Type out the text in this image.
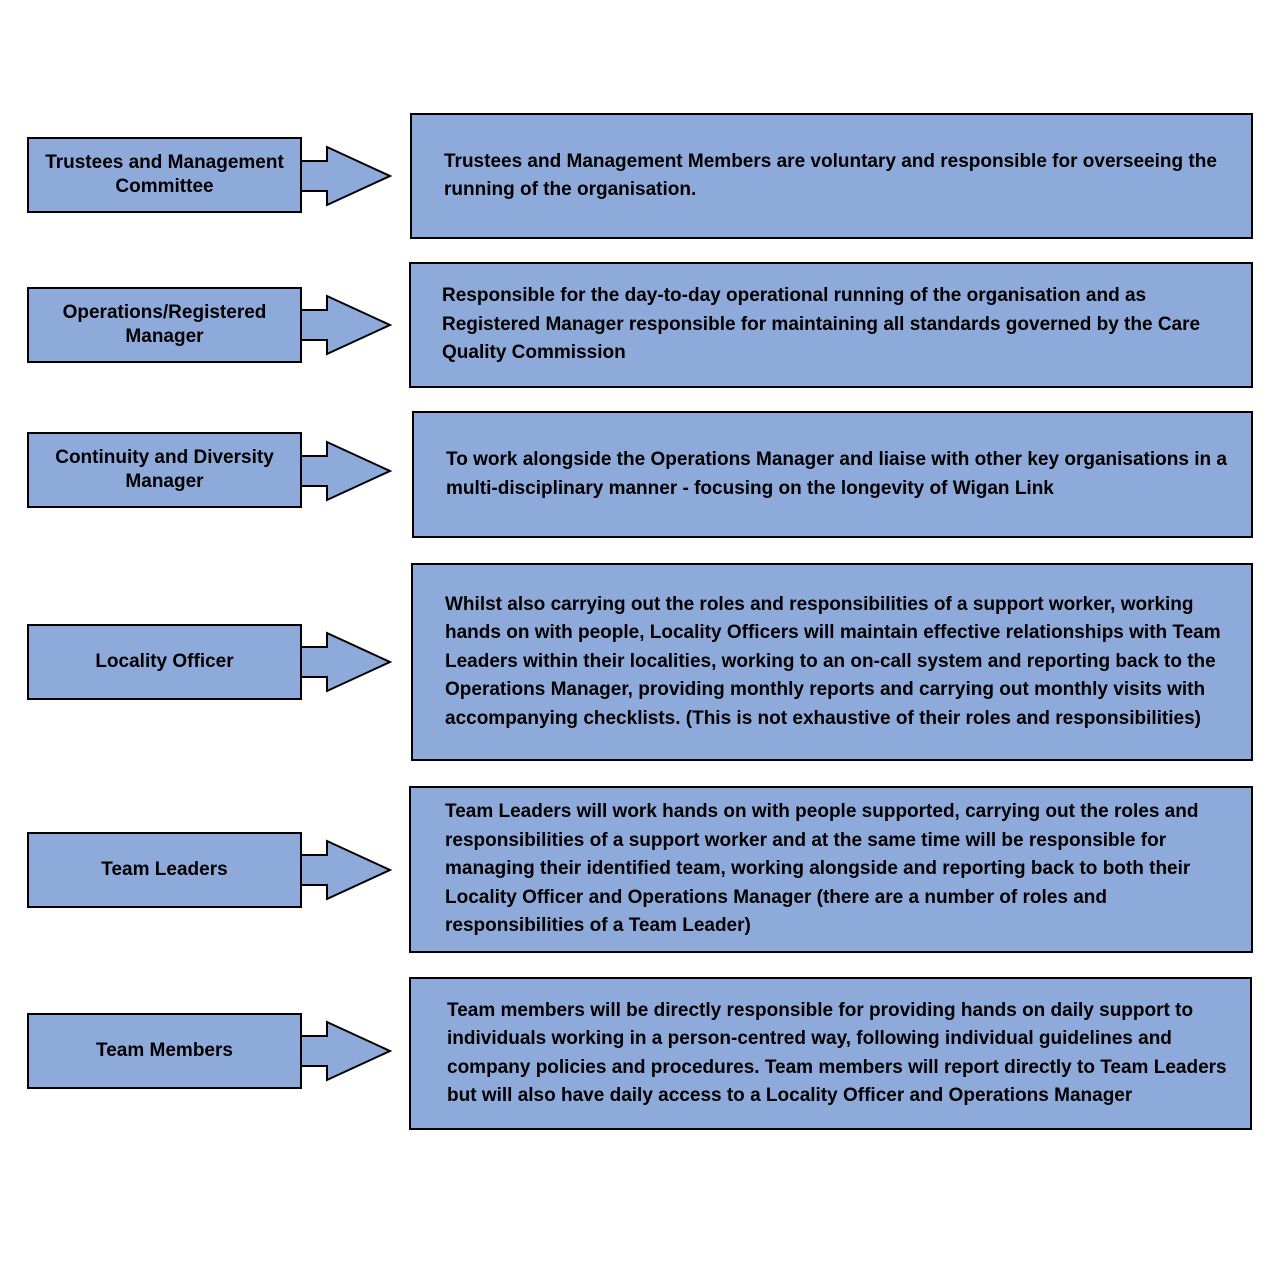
Trustees and Management Committee
Trustees and Management Members are voluntary and responsible for overseeing the running of the organisation.
Operations/Registered Manager
Responsible for the day-to-day operational running of the organisation and as Registered Manager responsible for maintaining all standards governed by the Care Quality Commission
Continuity and Diversity Manager
To work alongside the Operations Manager and liaise with other key organisations in a multi-disciplinary manner - focusing on the longevity of Wigan Link
Locality Officer
Whilst also carrying out the roles and responsibilities of a support worker, working hands on with people, Locality Officers will maintain effective relationships with Team Leaders within their localities, working to an on-call system and reporting back to the Operations Manager, providing monthly reports and carrying out monthly visits with accompanying checklists. (This is not exhaustive of their roles and responsibilities)
Team Leaders
Team Leaders will work hands on with people supported, carrying out the roles and responsibilities of a support worker and at the same time will be responsible for managing their identified team, working alongside and reporting back to both their Locality Officer and Operations Manager (there are a number of roles and responsibilities of a Team Leader)
Team Members
Team members will be directly responsible for providing hands on daily support to individuals working in a person-centred way, following individual guidelines and company policies and procedures. Team members will report directly to Team Leaders but will also have daily access to a Locality Officer and Operations Manager
